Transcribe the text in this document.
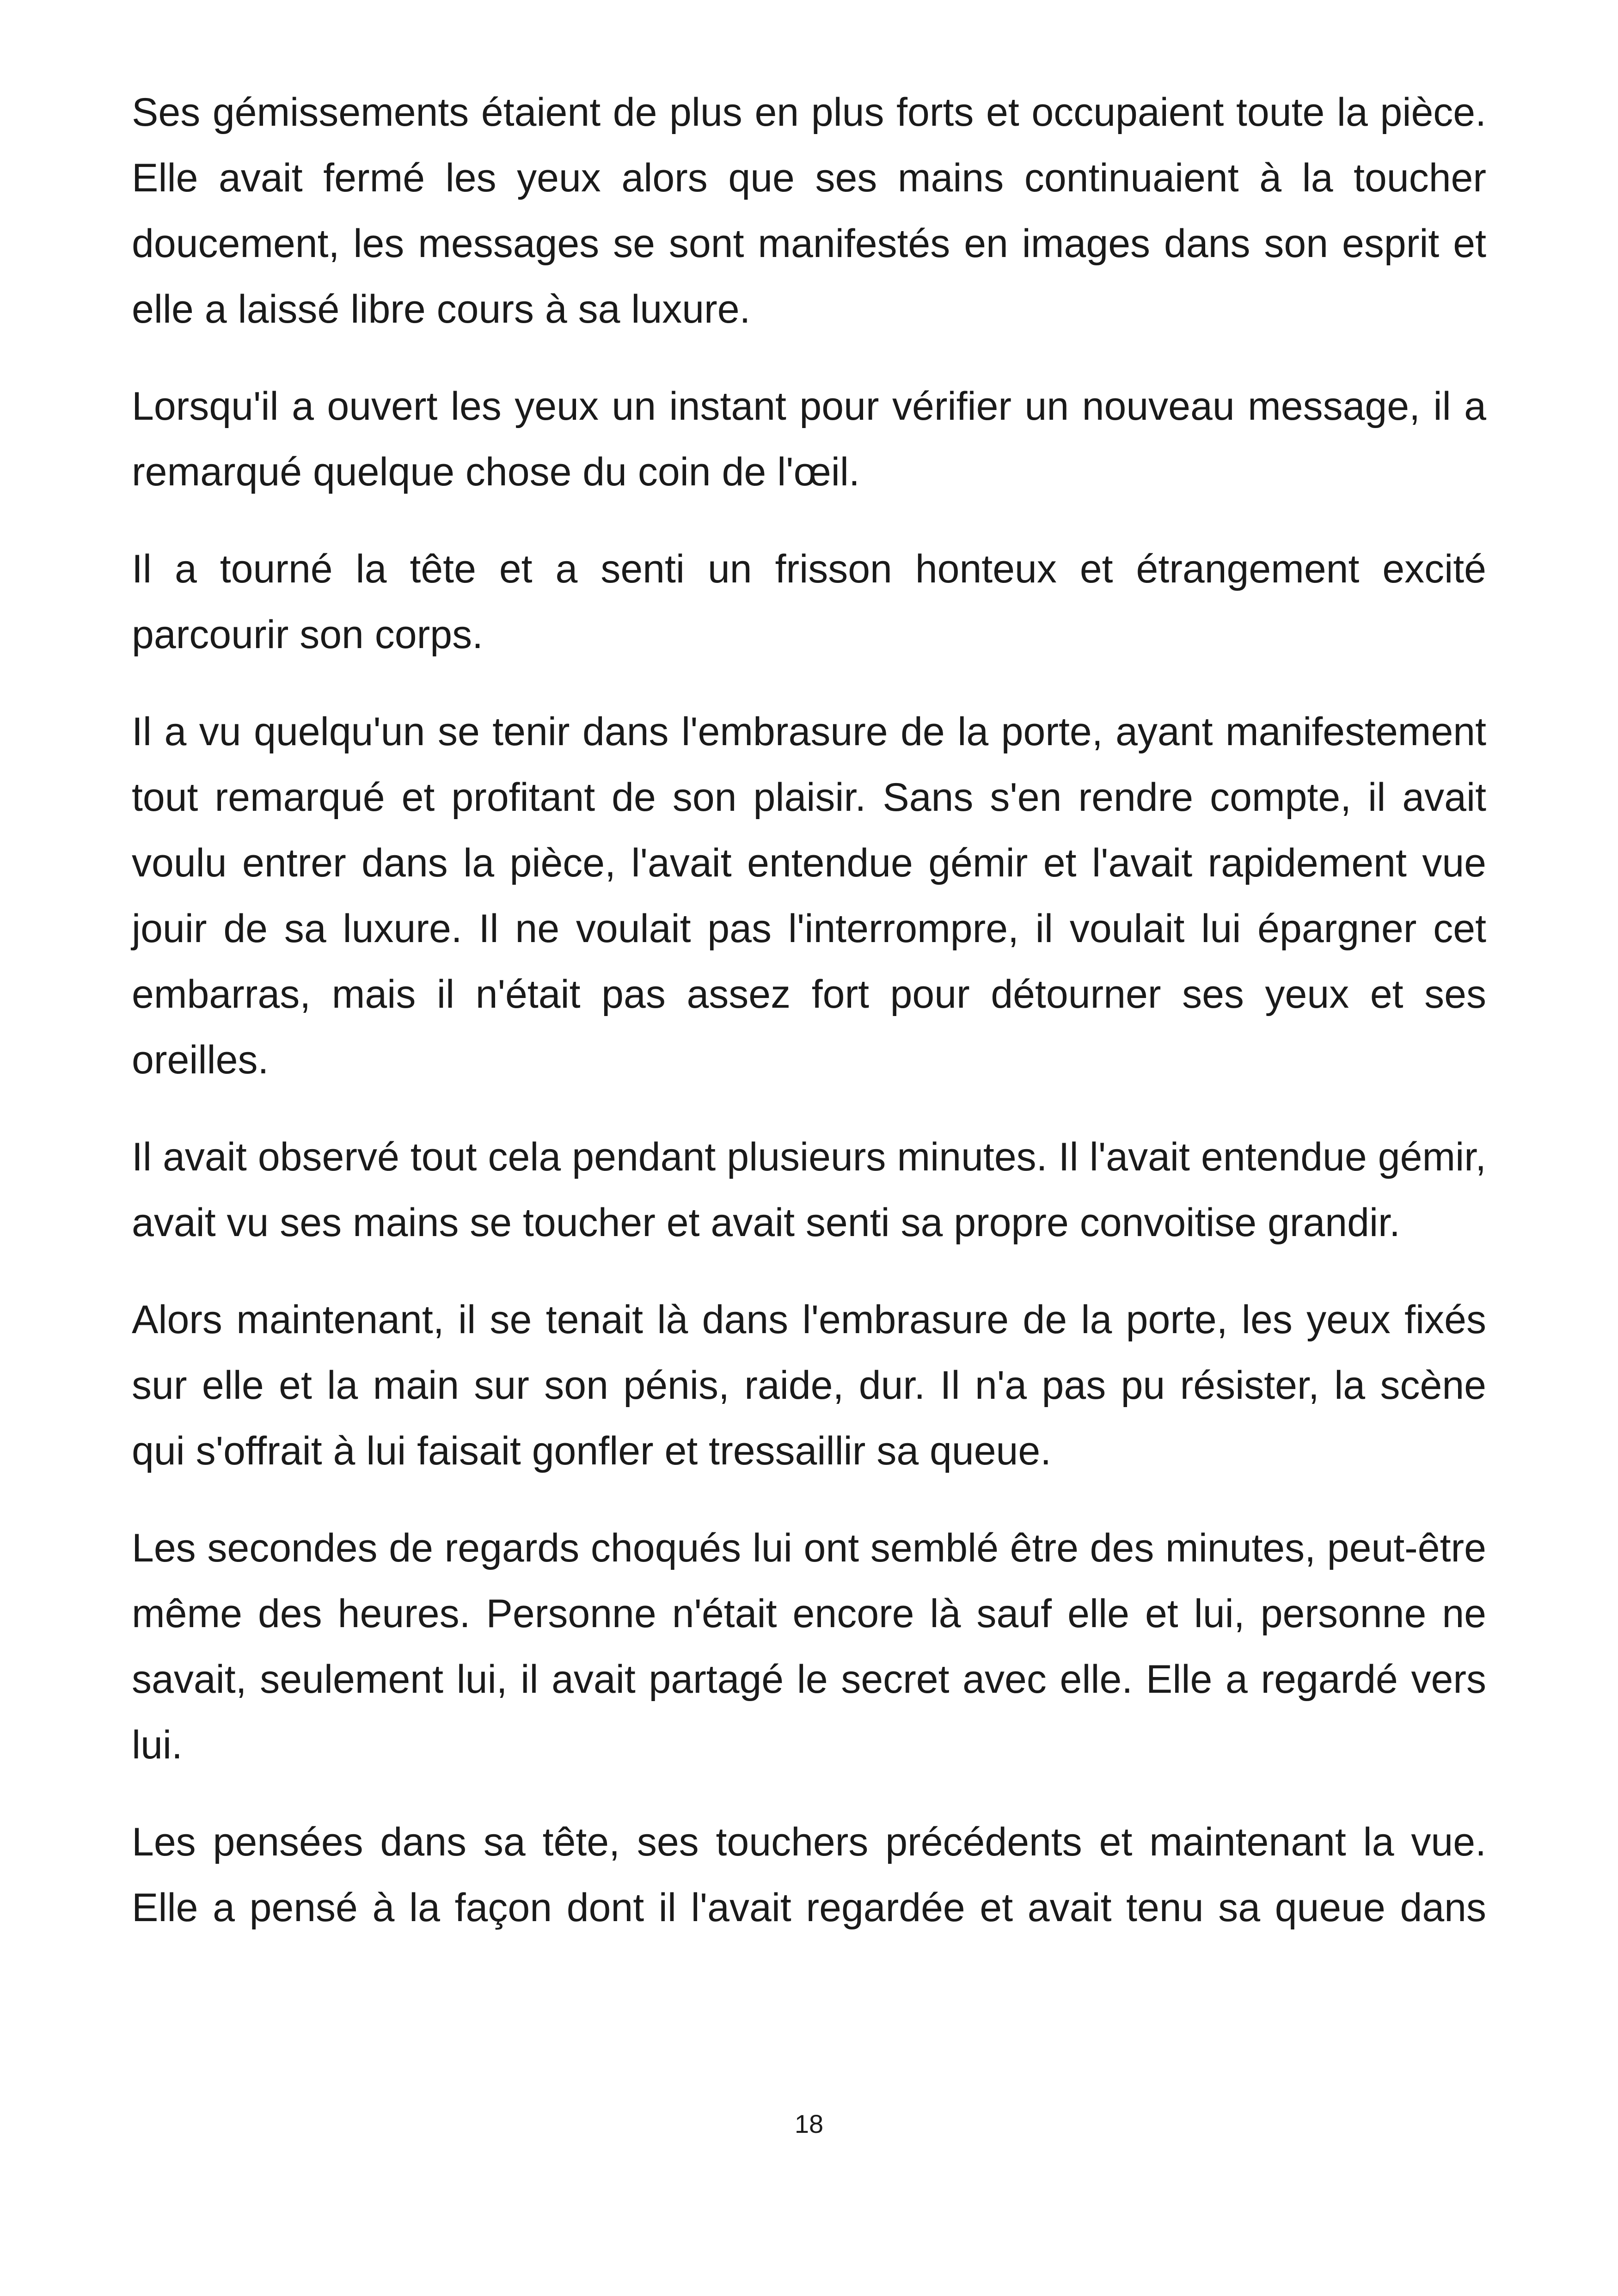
Ses gémissements étaient de plus en plus forts et occupaient toute la pièce. Elle avait fermé les yeux alors que ses mains continuaient à la toucher doucement, les messages se sont manifestés en images dans son esprit et elle a laissé libre cours à sa luxure.

Lorsqu'il a ouvert les yeux un instant pour vérifier un nouveau message, il a remarqué quelque chose du coin de l'œil.

Il a tourné la tête et a senti un frisson honteux et étrangement excité parcourir son corps.

Il a vu quelqu'un se tenir dans l'embrasure de la porte, ayant manifestement tout remarqué et profitant de son plaisir. Sans s'en rendre compte, il avait voulu entrer dans la pièce, l'avait entendue gémir et l'avait rapidement vue jouir de sa luxure. Il ne voulait pas l'interrompre, il voulait lui épargner cet embarras, mais il n'était pas assez fort pour détourner ses yeux et ses oreilles.

Il avait observé tout cela pendant plusieurs minutes. Il l'avait entendue gémir, avait vu ses mains se toucher et avait senti sa propre convoitise grandir.

Alors maintenant, il se tenait là dans l'embrasure de la porte, les yeux fixés sur elle et la main sur son pénis, raide, dur. Il n'a pas pu résister, la scène qui s'offrait à lui faisait gonfler et tressaillir sa queue.

Les secondes de regards choqués lui ont semblé être des minutes, peut-être même des heures. Personne n'était encore là sauf elle et lui, personne ne savait, seulement lui, il avait partagé le secret avec elle. Elle a regardé vers lui.

Les pensées dans sa tête, ses touchers précédents et maintenant la vue. Elle a pensé à la façon dont il l'avait regardée et avait tenu sa queue dans

18
